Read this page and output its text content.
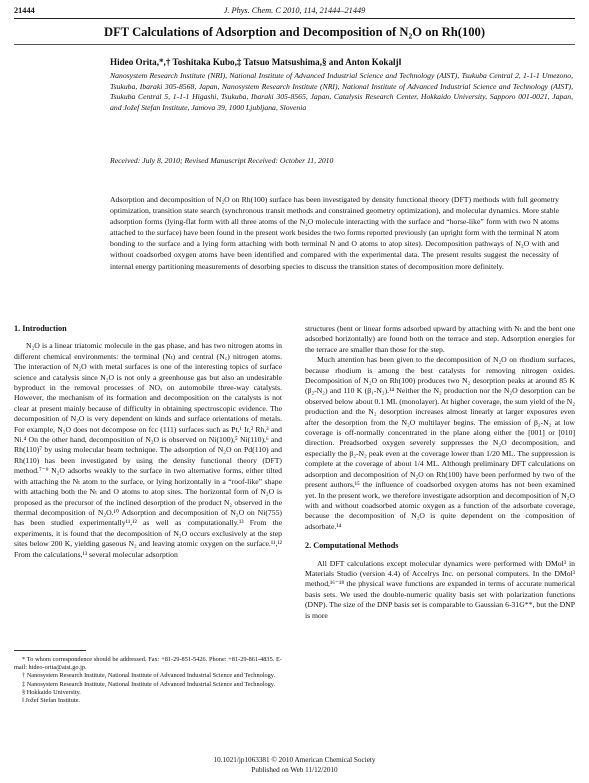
21444	J. Phys. Chem. C 2010, 114, 21444–21449
DFT Calculations of Adsorption and Decomposition of N₂O on Rh(100)
Hideo Orita,*,† Toshitaka Kubo,‡ Tatsuo Matsushima,§ and Anton Kokalj‖
Nanosystem Research Institute (NRI), National Institute of Advanced Industrial Science and Technology (AIST), Tsukuba Central 2, 1-1-1 Umezono, Tsukuba, Ibaraki 305-8568, Japan, Nanosystem Research Institute (NRI), National Institute of Advanced Industrial Science and Technology (AIST), Tsukuba Central 5, 1-1-1 Higashi, Tsukuba, Ibaraki 305-8565, Japan, Catalysis Research Center, Hokkaido University, Sapporo 001-0021, Japan, and Jožef Stefan Institute, Jamova 39, 1000 Ljubljana, Slovenia
Received: July 8, 2010; Revised Manuscript Received: October 11, 2010
Adsorption and decomposition of N₂O on Rh(100) surface has been investigated by density functional theory (DFT) methods with full geometry optimization, transition state search (synchronous transit methods and constrained geometry optimization), and molecular dynamics. More stable adsorption forms (lying-flat form with all three atoms of the N₂O molecule interacting with the surface and “horse-like” form with two N atoms attached to the surface) have been found in the present work besides the two forms reported previously (an upright form with the terminal N atom bonding to the surface and a lying form attaching with both terminal N and O atoms to atop sites). Decomposition pathways of N₂O with and without coadsorbed oxygen atoms have been identified and compared with the experimental data. The present results suggest the necessity of internal energy partitioning measurements of desorbing species to discuss the transition states of decomposition more definitely.
1. Introduction

N₂O is a linear triatomic molecule in the gas phase, and has two nitrogen atoms in different chemical environments: the terminal (Nₜ) and central (N꜀) nitrogen atoms. The interaction of N₂O with metal surfaces is one of the interesting topics of surface science and catalysis since N₂O is not only a greenhouse gas but also an undesirable byproduct in the removal processes of NOₓ on automobile three-way catalysts. However, the mechanism of its formation and decomposition on the catalysts is not clear at present mainly because of difficulty in obtaining spectroscopic evidence. The decomposition of N₂O is very dependent on kinds and surface orientations of metals. For example, N₂O does not decompose on fcc (111) surfaces such as Pt,¹ Ir,² Rh,³ and Ni.⁴ On the other hand, decomposition of N₂O is observed on Ni(100),⁵ Ni(110),⁶ and Rh(110)⁷ by using molecular beam technique. The adsorption of N₂O on Pd(110) and Rh(110) has been investigated by using the density functional theory (DFT) method.⁷⁻⁹ N₂O adsorbs weakly to the surface in two alternative forms, either tilted with attaching the Nₜ atom to the surface, or lying horizontally in a “roof-like” shape with attaching both the Nₜ and O atoms to atop sites. The horizontal form of N₂O is proposed as the precursor of the inclined desorption of the product N₂ observed in the thermal decomposition of N₂O.¹⁰ Adsorption and decomposition of N₂O on Ni(755) has been studied experimentally¹¹,¹² as well as computationally.¹³ From the experiments, it is found that the decomposition of N₂O occurs exclusively at the step sites below 200 K, yielding gaseous N₂ and leaving atomic oxygen on the surface.¹¹,¹² From the calculations,¹³ several molecular adsorption

structures (bent or linear forms adsorbed upward by attaching with Nₜ and the bent one adsorbed horizontally) are found both on the terrace and step. Adsorption energies for the terrace are smaller than those for the step.

Much attention has been given to the decomposition of N₂O on rhodium surfaces, because rhodium is among the best catalysts for removing nitrogen oxides. Decomposition of N₂O on Rh(100) produces two N₂ desorption peaks at around 85 K (β₂-N₂) and 110 K (β₁-N₂).¹⁴ Neither the N₂ production nor the N₂O desorption can be observed below about 0.1 ML (monolayer). At higher coverage, the sum yield of the N₂ production and the N₂ desorption increases almost linearly at larger exposures even after the desorption from the N₂O multilayer begins. The emission of β₂-N₂ at low coverage is off-normally concentrated in the plane along either the [001] or [010] direction. Preadsorbed oxygen severely suppresses the N₂O decomposition, and especially the β₂-N₂ peak even at the coverage lower than 1/20 ML. The suppression is complete at the coverage of about 1/4 ML. Although preliminary DFT calculations on adsorption and decomposition of N₂O on Rh(100) have been performed by two of the present authors,¹⁵ the influence of coadsorbed oxygen atoms has not been examined yet. In the present work, we therefore investigate adsorption and decomposition of N₂O with and without coadsorbed atomic oxygen as a function of the adsorbate coverage, because the decomposition of N₂O is quite dependent on the composition of adsorbate.¹⁴

2. Computational Methods

All DFT calculations except molecular dynamics were performed with DMol³ in Materials Studio (version 4.4) of Accelrys Inc. on personal computers. In the DMol³ method,¹⁶⁻¹⁸ the physical wave functions are expanded in terms of accurate numerical basis sets. We used the double-numeric quality basis set with polarization functions (DNP). The size of the DNP basis set is comparable to Gaussian 6-31G**, but the DNP is more

* To whom correspondence should be addressed. Fax: +81-29-851-5426. Phone: +81-29-861-4835. E-mail: hideo-orita@aist.go.jp.
† Nanosystem Research Institute, National Institute of Advanced Industrial Science and Technology.
‡ Nanosystem Research Institute, National Institute of Advanced Industrial Science and Technology.
§ Hokkaido University.
‖ Jožef Stefan Institute.
10.1021/jp1063381 © 2010 American Chemical Society
Published on Web 11/12/2010
